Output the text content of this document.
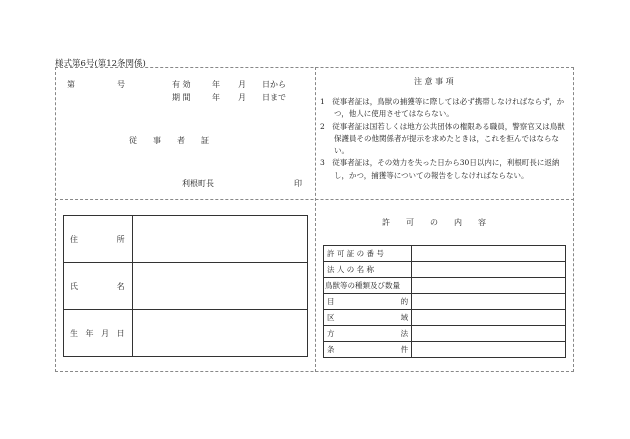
様式第6号(第12条関係)
第	号	有 効	年 月 日から
期 間	年 月 日まで
従　　事　　者　　証
利根町長	印
注 意 事 項

1　従事者証は，鳥獣の捕獲等に際しては必ず携帯しなければならず，かつ，他人に使用させてはならない。

2　従事者証は国若しくは地方公共団体の権限ある職員，警察官又は鳥獣保護員その他関係者が提示を求めたときは，これを拒んではならない。

3　従事者証は，その効力を失った日から30日以内に，利根町長に返納し，かつ，捕獲等についての報告をしなければならない。

住 所	

氏 名	

生 年 月 日	

許　　可　　の　　内　　容
許 可 証 の 番 号	

法 人 の 名 称	

鳥獣等の種類及び数量	

目 的	

区 域	

方 法	

条 件	
